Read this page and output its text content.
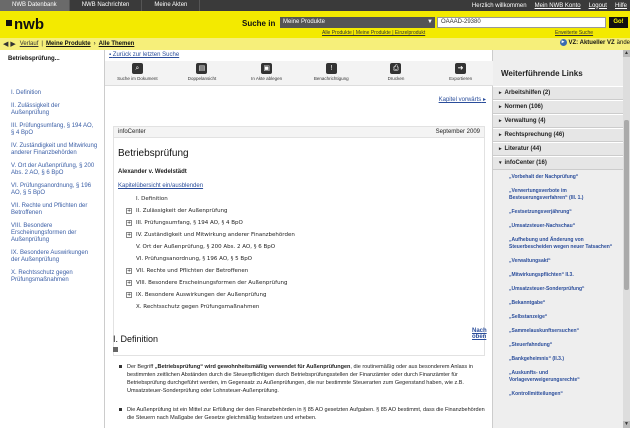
NWB Datenbank	NWB Nachrichten	Meine Akten	Herzlich willkommen Mein NWB Konto Logout Hilfe
nwb	Suche in	Meine Produkte	▼	OAAAD-29380	Go!
Alle Produkte | Meine Produkte | Einzelprodukt	Erweiterte Suche
◀ ▶ Verlauf | Meine Produkte › Alle Themen	▸ VZ: Aktueller VZ ände
Betriebsprüfung...
I. Definition
II. Zulässigkeit der Außenprüfung
III. Prüfungsumfang, § 194 AO, § 4 BpO
IV. Zuständigkeit und Mitwirkung anderer Finanzbehörden
V. Ort der Außenprüfung, § 200 Abs. 2 AO, § 6 BpO
VI. Prüfungsanordnung, § 196 AO, § 5 BpO
VII. Rechte und Pflichten der Betroffenen
VIII. Besondere Erscheinungsformen der Außenprüfung
IX. Besondere Auswirkungen der Außenprüfung
X. Rechtsschutz gegen Prüfungsmaßnahmen
▪ Zurück zur letzten Suche
⌕
Suche im Dokument
▤
Doppelansicht
▣
In Akte ablegen
!
Benachrichtigung
⎙
Drucken
➜
Exportieren
Kapitel vorwärts ▸
infoCenter	September 2009
Betriebsprüfung
Alexander v. Wedelstädt
Kapitelübersicht ein/ausblenden
I. Definition
+ II. Zulässigkeit der Außenprüfung
+ III. Prüfungsumfang, § 194 AO, § 4 BpO
+ IV. Zuständigkeit und Mitwirkung anderer Finanzbehörden
V. Ort der Außenprüfung, § 200 Abs. 2 AO, § 6 BpO
VI. Prüfungsanordnung, § 196 AO, § 5 BpO
+ VII. Rechte und Pflichten der Betroffenen
+ VIII. Besondere Erscheinungsformen der Außenprüfung
+ IX. Besondere Auswirkungen der Außenprüfung
X. Rechtsschutz gegen Prüfungsmaßnahmen
Nach oben
I. Definition
Der Begriff „Betriebsprüfung“ wird gewohnheitsmäßig verwendet für Außenprüfungen, die routinemäßig oder aus besonderem Anlass in bestimmten zeitlichen Abständen durch die Steuerpflichtigen durch Betriebsprüfungsstellen der Finanzämter oder durch Finanzämter für Betriebsprüfung durchgeführt werden, im Gegensatz zu Außenprüfungen, die nur bestimmte Steuerarten zum Gegenstand haben, wie z.B. Umsatzsteuer-Sonderprüfung oder Lohnsteuer-Außenprüfung.
Die Außenprüfung ist ein Mittel zur Erfüllung der den Finanzbehörden in § 85 AO gesetzten Aufgaben. § 85 AO bestimmt, dass die Finanzbehörden die Steuern nach Maßgabe der Gesetze gleichmäßig festsetzen und erheben.
Weiterführende Links
▸ Arbeitshilfen (2)
▸ Normen (106)
▸ Verwaltung (4)
▸ Rechtsprechung (46)
▸ Literatur (44)
▾ infoCenter (16)
„Vorbehalt der Nachprüfung“
„Verwertungsverbote im Besteuerungsverfahren“ (III. 1.)
„Festsetzungsverjährung“
„Umsatzsteuer-Nachschau“
„Aufhebung und Änderung von Steuerbescheiden wegen neuer Tatsachen“
„Verwaltungsakt“
„Mitwirkungspflichten“ II.3.
„Umsatzsteuer-Sonderprüfung“
„Bekanntgabe“
„Selbstanzeige“
„Sammelauskunftsersuchen“
„Steuerfahndung“
„Bankgeheimnis“ (II.3.)
„Auskunfts- und Vorlageverweigerungsrechte“
„Kontrollmitteilungen“
▲
▼
